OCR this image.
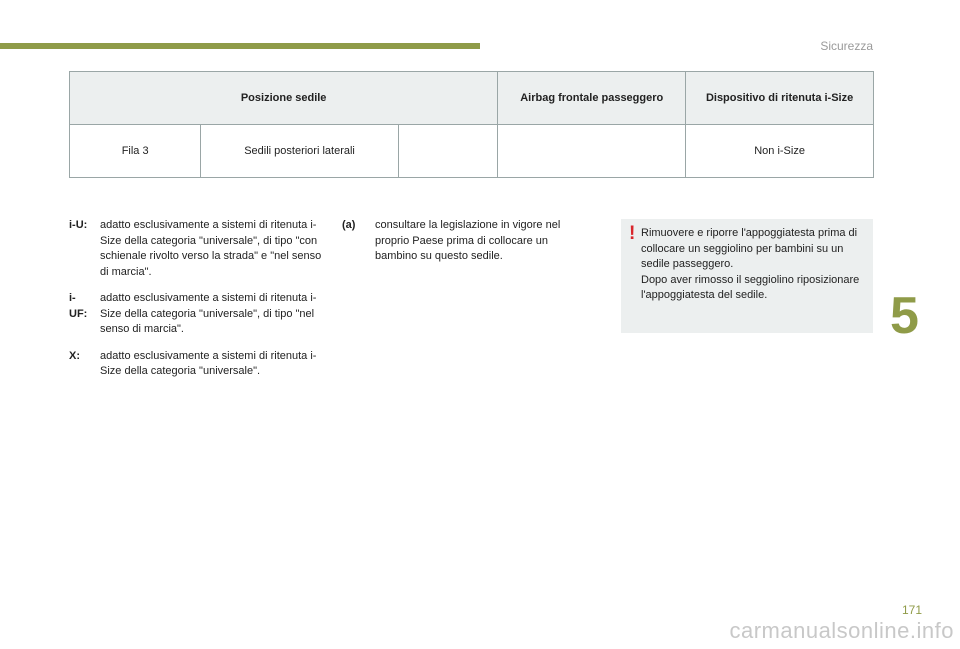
Sicurezza
Posizione sedile			Airbag frontale passeggero	Dispositivo di ritenuta i-Size
Fila 3	Sedili posteriori laterali			Non i-Size
i-U:	adatto esclusivamente a sistemi di ritenuta i-Size della categoria "universale", di tipo "con schienale rivolto verso la strada" e "nel senso di marcia".
i-
UF:
adatto esclusivamente a sistemi di ritenuta i-Size della categoria "universale", di tipo "nel senso di marcia".
X:	adatto esclusivamente a sistemi di ritenuta i-Size della categoria "universale".
(a)	consultare la legislazione in vigore nel proprio Paese prima di collocare un bambino su questo sedile.
! Rimuovere e riporre l'appoggiatesta prima di collocare un seggiolino per bambini su un sedile passeggero.

Dopo aver rimosso il seggiolino riposizionare l'appoggiatesta del sedile.	5
171
carmanualsonline.info
